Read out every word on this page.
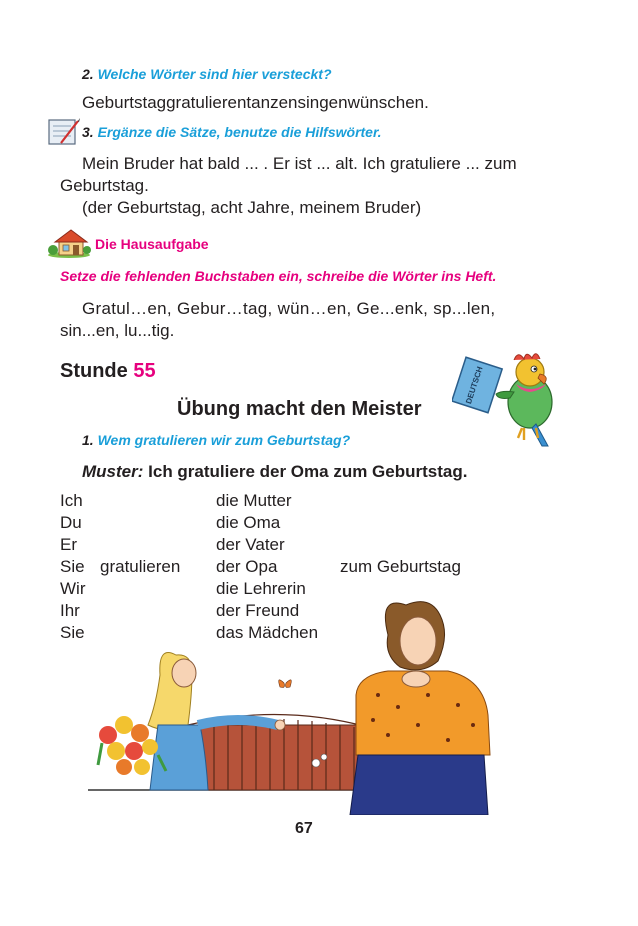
2. Welche Wörter sind hier versteckt?
Geburtstaggratulierentanzensingenwünschen.
3. Ergänze die Sätze, benutze die Hilfswörter.
Mein Bruder hat bald ... . Er ist ... alt. Ich gratuliere ... zum
Geburtstag.
(der Geburtstag, acht Jahre, meinem Bruder)
Die Hausaufgabe
Setze die fehlenden Buchstaben ein, schreibe die Wörter ins Heft.
Gratul…en, Gebur…tag, wün…en, Ge...enk, sp...len,
sin...en, lu...tig.
Stunde 55
Übung macht den Meister
DEUTSCH
1. Wem gratulieren wir zum Geburtstag?
Muster: Ich gratuliere der Oma zum Geburtstag.
Ich
Du
Er
Sie
Wir
Ihr
Sie
gratulieren
die Mutter
die Oma
der Vater
der Opa
die Lehrerin
der Freund
das Mädchen
zum Geburtstag
67
